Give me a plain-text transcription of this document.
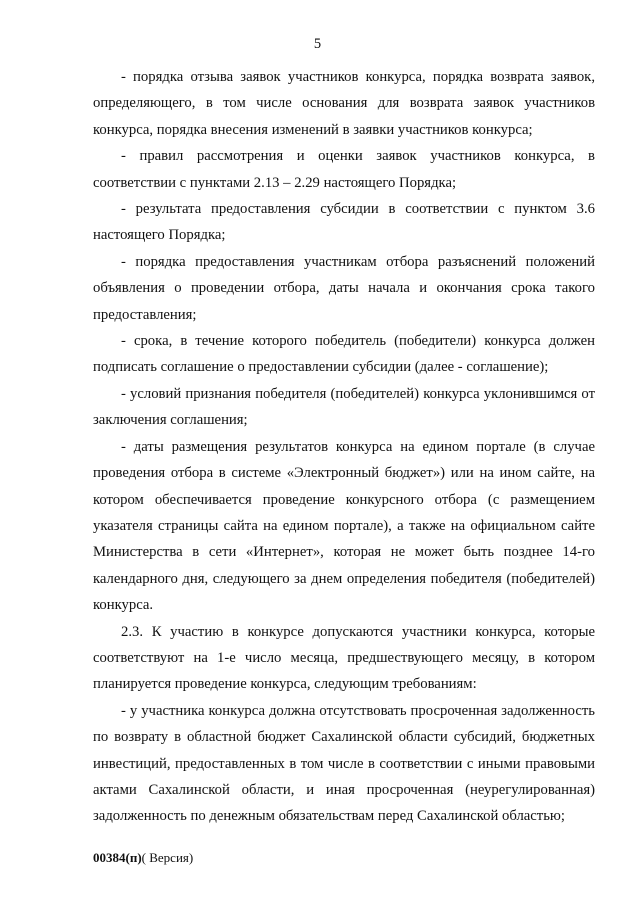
5

- порядка отзыва заявок участников конкурса, порядка возврата заявок, определяющего, в том числе основания для возврата заявок участников конкурса, порядка внесения изменений в заявки участников конкурса;

- правил рассмотрения и оценки заявок участников конкурса, в соответствии с пунктами 2.13 – 2.29 настоящего Порядка;

- результата предоставления субсидии в соответствии с пунктом 3.6 настоящего Порядка;

- порядка предоставления участникам отбора разъяснений положений объявления о проведении отбора, даты начала и окончания срока такого предоставления;

- срока, в течение которого победитель (победители) конкурса должен подписать соглашение о предоставлении субсидии (далее - соглашение);

- условий признания победителя (победителей) конкурса уклонившимся от заключения соглашения;

- даты размещения результатов конкурса на едином портале (в случае проведения отбора в системе «Электронный бюджет») или на ином сайте, на котором обеспечивается проведение конкурсного отбора (с размещением указателя страницы сайта на едином портале), а также на официальном сайте Министерства в сети «Интернет», которая не может быть позднее 14-го календарного дня, следующего за днем определения победителя (победителей) конкурса.

2.3. К участию в конкурсе допускаются участники конкурса, которые соответствуют на 1-е число месяца, предшествующего месяцу, в котором планируется проведение конкурса, следующим требованиям:

- у участника конкурса должна отсутствовать просроченная задолженность по возврату в областной бюджет Сахалинской области субсидий, бюджетных инвестиций, предоставленных в том числе в соответствии с иными правовыми актами Сахалинской области, и иная просроченная (неурегулированная) задолженность по денежным обязательствам перед Сахалинской областью;

00384(п)( Версия)
